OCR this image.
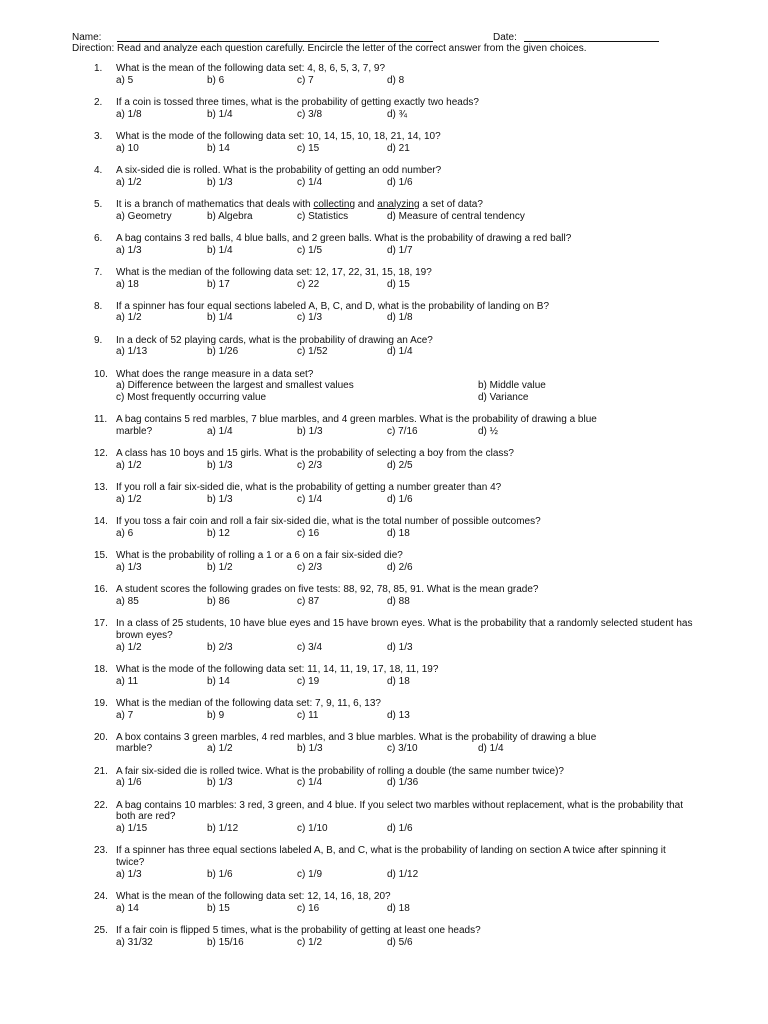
Name:	Date:
Direction: Read and analyze each question carefully. Encircle the letter of the correct answer from the given choices.
1.	What is the mean of the following data set: 4, 8, 6, 5, 3, 7, 9?
a) 5	b) 6	c) 7	d) 8
2.	If a coin is tossed three times, what is the probability of getting exactly two heads?
a) 1/8	b) 1/4	c) 3/8	d) ¾
3.	What is the mode of the following data set: 10, 14, 15, 10, 18, 21, 14, 10?
a) 10	b) 14	c) 15	d) 21
4.	A six-sided die is rolled. What is the probability of getting an odd number?
a) 1/2	b) 1/3	c) 1/4	d) 1/6
5.	It is a branch of mathematics that deals with collecting and analyzing a set of data?
a) Geometry	b) Algebra	c) Statistics	d) Measure of central tendency
6.	A bag contains 3 red balls, 4 blue balls, and 2 green balls. What is the probability of drawing a red ball?
a) 1/3	b) 1/4	c) 1/5	d) 1/7
7.	What is the median of the following data set: 12, 17, 22, 31, 15, 18, 19?
a) 18	b) 17	c) 22	d) 15
8.	If a spinner has four equal sections labeled A, B, C, and D, what is the probability of landing on B?
a) 1/2	b) 1/4	c) 1/3	d) 1/8
9.	In a deck of 52 playing cards, what is the probability of drawing an Ace?
a) 1/13	b) 1/26	c) 1/52	d) 1/4
10. What does the range measure in a data set?
a) Difference between the largest and smallest values	b) Middle value
c) Most frequently occurring value	d) Variance
11. A bag contains 5 red marbles, 7 blue marbles, and 4 green marbles. What is the probability of drawing a blue
marble?	a) 1/4	b) 1/3	c) 7/16	d) ½
12. A class has 10 boys and 15 girls. What is the probability of selecting a boy from the class?
a) 1/2	b) 1/3	c) 2/3	d) 2/5
13. If you roll a fair six-sided die, what is the probability of getting a number greater than 4?
a) 1/2	b) 1/3	c) 1/4	d) 1/6
14. If you toss a fair coin and roll a fair six-sided die, what is the total number of possible outcomes?
a) 6	b) 12	c) 16	d) 18
15. What is the probability of rolling a 1 or a 6 on a fair six-sided die?
a) 1/3	b) 1/2	c) 2/3	d) 2/6
16. A student scores the following grades on five tests: 88, 92, 78, 85, 91. What is the mean grade?
a) 85	b) 86	c) 87	d) 88
17. In a class of 25 students, 10 have blue eyes and 15 have brown eyes. What is the probability that a randomly selected student has brown eyes?
a) 1/2	b) 2/3	c) 3/4	d) 1/3
18. What is the mode of the following data set: 11, 14, 11, 19, 17, 18, 11, 19?
a) 11	b) 14	c) 19	d) 18
19. What is the median of the following data set: 7, 9, 11, 6, 13?
a) 7	b) 9	c) 11	d) 13
20. A box contains 3 green marbles, 4 red marbles, and 3 blue marbles. What is the probability of drawing a blue
marble?	a) 1/2	b) 1/3	c) 3/10	d) 1/4
21. A fair six-sided die is rolled twice. What is the probability of rolling a double (the same number twice)?
a) 1/6	b) 1/3	c) 1/4	d) 1/36
22. A bag contains 10 marbles: 3 red, 3 green, and 4 blue. If you select two marbles without replacement, what is the probability that both are red?
a) 1/15	b) 1/12	c) 1/10	d) 1/6
23. If a spinner has three equal sections labeled A, B, and C, what is the probability of landing on section A twice after spinning it twice?
a) 1/3	b) 1/6	c) 1/9	d) 1/12
24. What is the mean of the following data set: 12, 14, 16, 18, 20?
a) 14	b) 15	c) 16	d) 18
25. If a fair coin is flipped 5 times, what is the probability of getting at least one heads?
a) 31/32	b) 15/16	c) 1/2	d) 5/6
